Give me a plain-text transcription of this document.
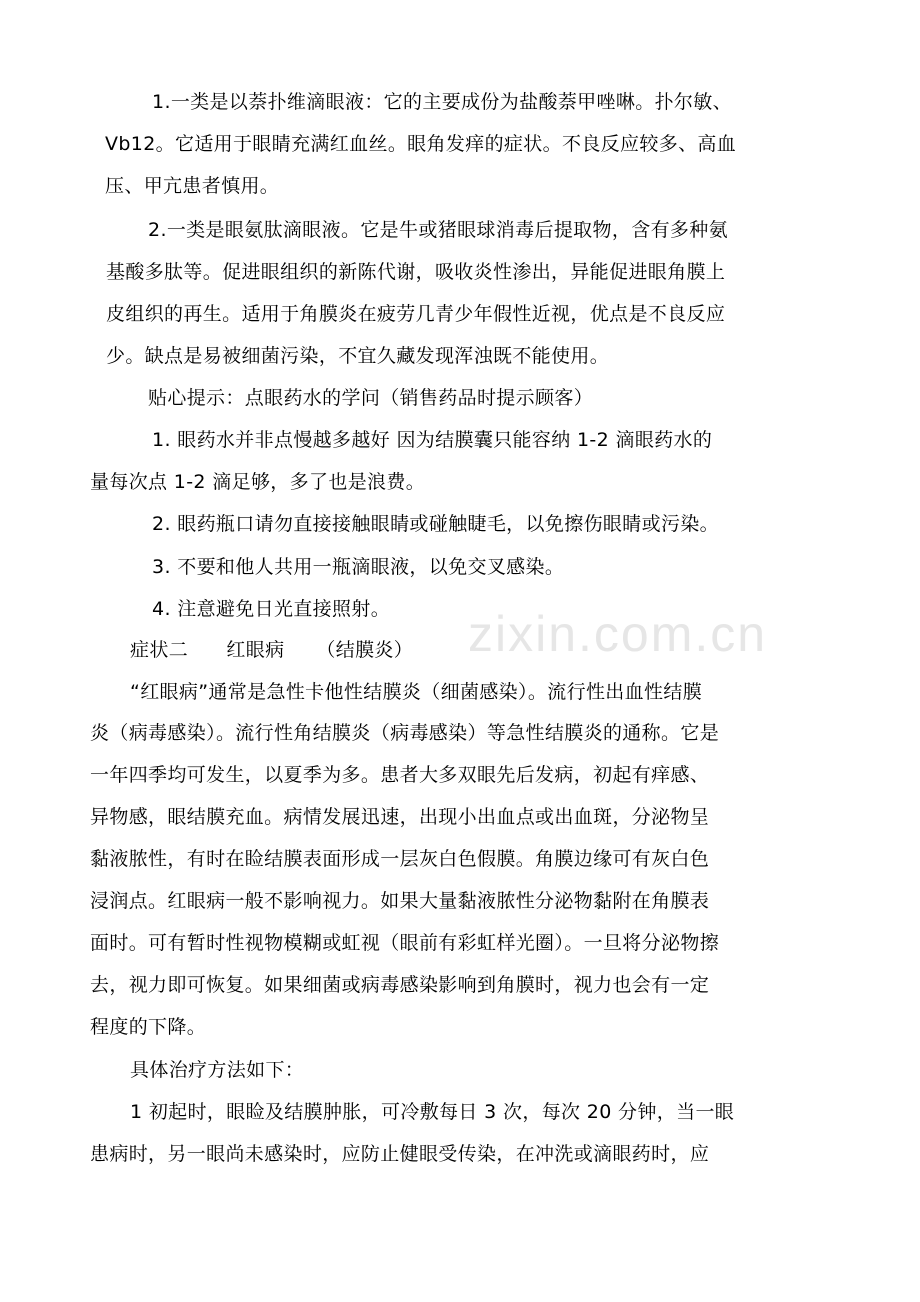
zixin.com.cn
1.一类是以萘扑维滴眼液：它的主要成份为盐酸萘甲唑啉。扑尔敏、
Vb12。它适用于眼睛充满红血丝。眼角发痒的症状。不良反应较多、高血
压、甲亢患者慎用。
2.一类是眼氨肽滴眼液。它是牛或猪眼球消毒后提取物，含有多种氨
基酸多肽等。促进眼组织的新陈代谢，吸收炎性渗出，异能促进眼角膜上
皮组织的再生。适用于角膜炎在疲劳几青少年假性近视，优点是不良反应
少。缺点是易被细菌污染，不宜久藏发现浑浊既不能使用。
贴心提示：点眼药水的学问（销售药品时提示顾客）
1. 眼药水并非点慢越多越好 因为结膜囊只能容纳 1-2 滴眼药水的
量每次点 1-2 滴足够，多了也是浪费。
2. 眼药瓶口请勿直接接触眼睛或碰触睫毛，以免擦伤眼睛或污染。
3. 不要和他人共用一瓶滴眼液，以免交叉感染。
4. 注意避免日光直接照射。
症状二      红眼病     （结膜炎）
“红眼病”通常是急性卡他性结膜炎（细菌感染）。流行性出血性结膜
炎（病毒感染）。流行性角结膜炎（病毒感染）等急性结膜炎的通称。它是
一年四季均可发生，以夏季为多。患者大多双眼先后发病，初起有痒感、
异物感，眼结膜充血。病情发展迅速，出现小出血点或出血斑，分泌物呈
黏液脓性，有时在睑结膜表面形成一层灰白色假膜。角膜边缘可有灰白色
浸润点。红眼病一般不影响视力。如果大量黏液脓性分泌物黏附在角膜表
面时。可有暂时性视物模糊或虹视（眼前有彩虹样光圈）。一旦将分泌物擦
去，视力即可恢复。如果细菌或病毒感染影响到角膜时，视力也会有一定
程度的下降。
具体治疗方法如下：
1 初起时，眼睑及结膜肿胀，可冷敷每日 3 次，每次 20 分钟，当一眼
患病时，另一眼尚未感染时，应防止健眼受传染，在冲洗或滴眼药时，应
